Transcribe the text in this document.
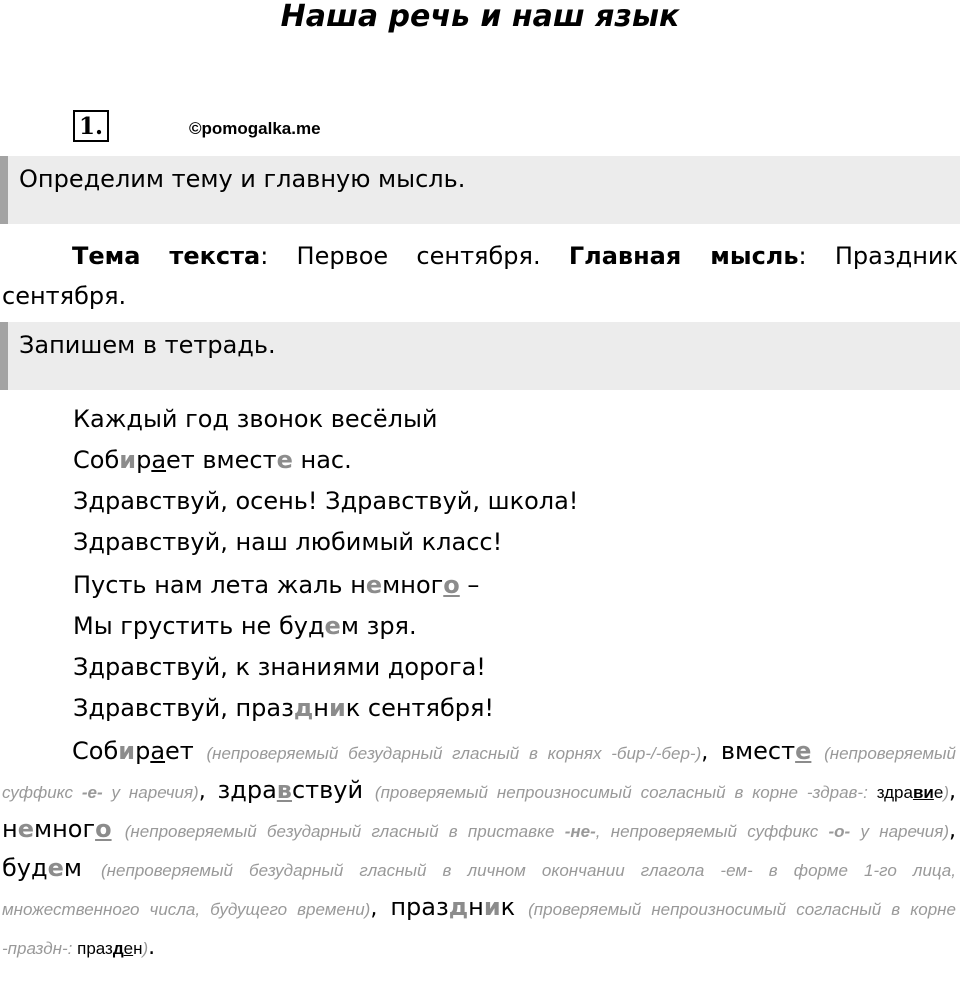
Наша речь и наш язык
1.	©pomogalka.me
Определим тему и главную мысль.
Тема текста: Первое сентября. Главная мысль: Праздник сентября.
Запишем в тетрадь.
Каждый год звонок весёлый
Собирает вместе нас.
Здравствуй, осень! Здравствуй, школа!
Здравствуй, наш любимый класс!
Пусть нам лета жаль немного –
Мы грустить не будем зря.
Здравствуй, к знаниями дорога!
Здравствуй, праздник сентября!
Собирает (непроверяемый безударный гласный в корнях -бир-/-бер-), вместе (непроверяемый суффикс -е- у наречия), здравствуй (проверяемый непроизносимый согласный в корне -здрав-: здравие), немного (непроверяемый безударный гласный в приставке -не-, непроверяемый суффикс -о- у наречия), будем (непроверяемый безударный гласный в личном окончании глагола -ем- в форме 1-го лица, множественного числа, будущего времени), праздник (проверяемый непроизносимый согласный в корне -праздн-: празден).
